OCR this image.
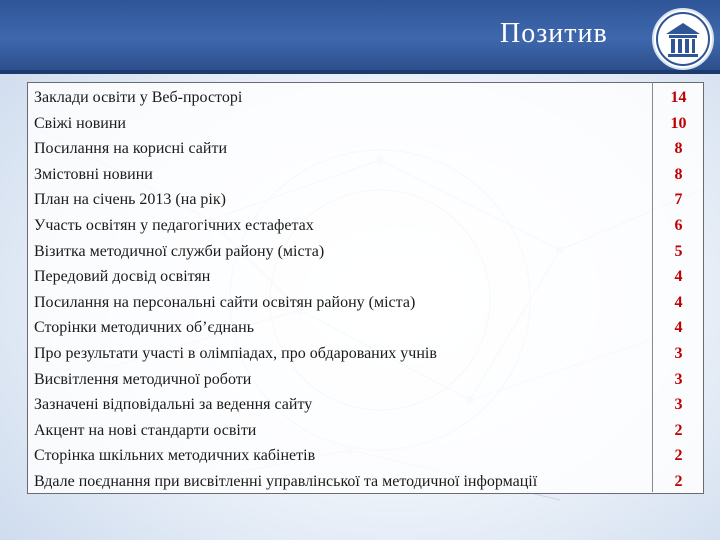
Позитив
Заклади освіти у Веб-просторі	14
Свіжі новини	10
Посилання на корисні сайти	8
Змістовні новини	8
План на січень 2013 (на рік)	7
Участь освітян у педагогічних естафетах	6
Візитка методичної служби району (міста)	5
Передовий досвід освітян	4
Посилання на персональні сайти освітян району (міста)	4
Сторінки методичних об’єднань	4
Про результати участі в олімпіадах, про обдарованих учнів	3
Висвітлення методичної роботи	3
Зазначені відповідальні за ведення сайту	3
Акцент на нові стандарти освіти	2
Сторінка шкільних методичних кабінетів	2
Вдале поєднання при висвітленні управлінської та методичної інформації	2
